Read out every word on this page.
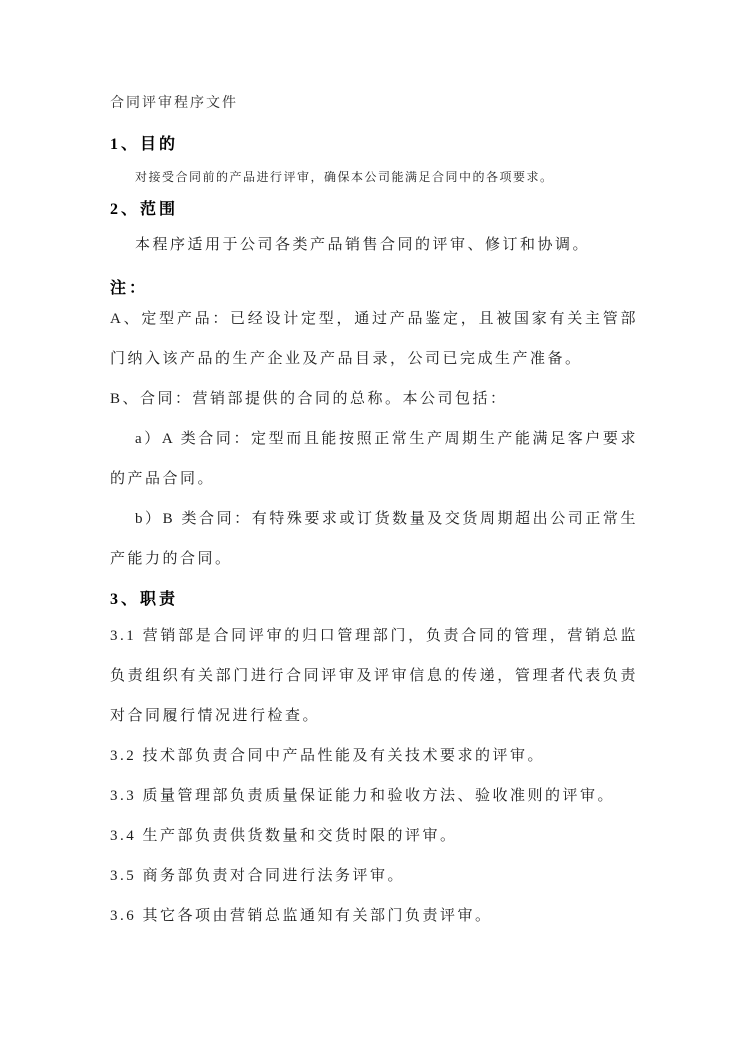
合同评审程序文件
1、目的

对接受合同前的产品进行评审，确保本公司能满足合同中的各项要求。

2、范围

本程序适用于公司各类产品销售合同的评审、修订和协调。

注：

A、定型产品：已经设计定型，通过产品鉴定，且被国家有关主管部门纳入该产品的生产企业及产品目录，公司已完成生产准备。

B、合同：营销部提供的合同的总称。本公司包括：

a）A 类合同：定型而且能按照正常生产周期生产能满足客户要求的产品合同。

b）B 类合同：有特殊要求或订货数量及交货周期超出公司正常生产能力的合同。

3、职责

3.1 营销部是合同评审的归口管理部门，负责合同的管理，营销总监负责组织有关部门进行合同评审及评审信息的传递，管理者代表负责对合同履行情况进行检查。

3.2 技术部负责合同中产品性能及有关技术要求的评审。

3.3 质量管理部负责质量保证能力和验收方法、验收准则的评审。

3.4 生产部负责供货数量和交货时限的评审。

3.5 商务部负责对合同进行法务评审。

3.6 其它各项由营销总监通知有关部门负责评审。
